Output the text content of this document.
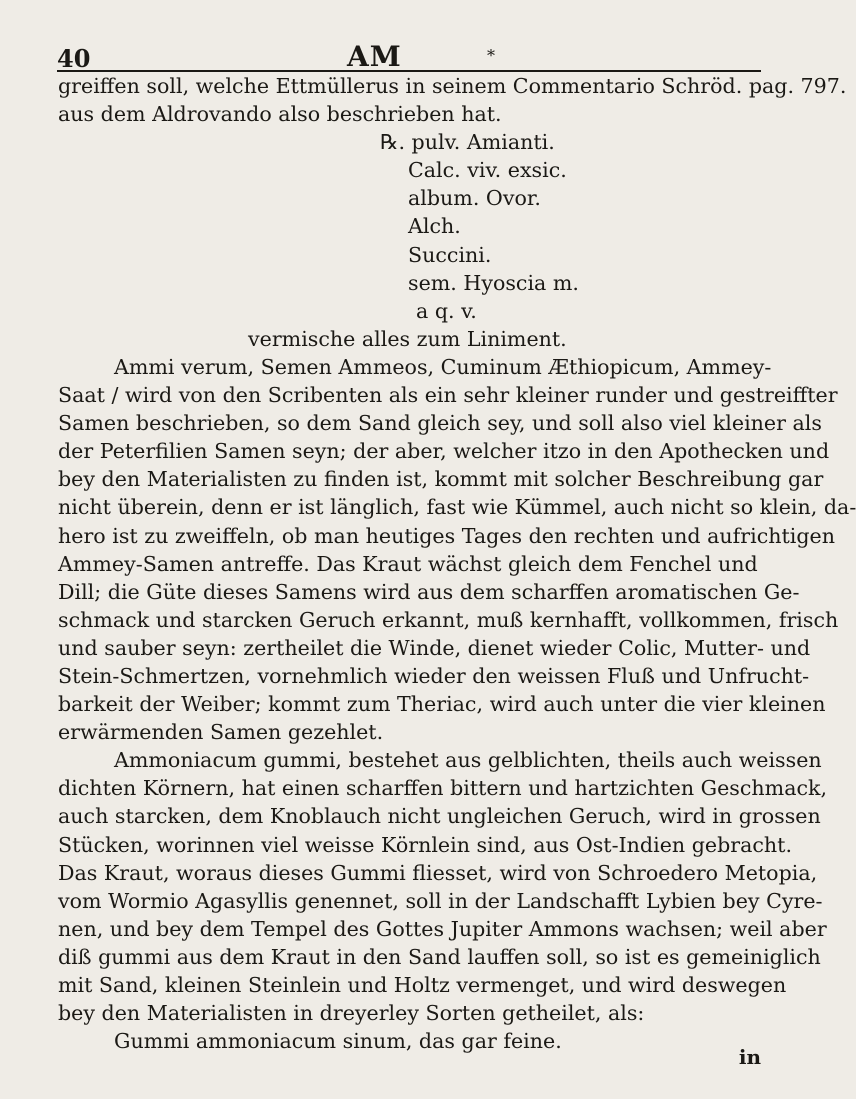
40	AM	*
greiffen soll, welche Ettmüllerus in seinem Commentario Schröd. pag. 797.
aus dem Aldrovando also beschrieben hat.
℞. pulv. Amianti.
Calc. viv. exsic.
album. Ovor.
Alch.
Succini.
sem. Hyoscia m.
a q. v.
vermische alles zum Liniment.
Ammi verum, Semen Ammeos, Cuminum Æthiopicum, Ammey-
Saat / wird von den Scribenten als ein sehr kleiner runder und gestreiffter
Samen beschrieben, so dem Sand gleich sey, und soll also viel kleiner als
der Peterfilien Samen seyn; der aber, welcher itzo in den Apothecken und
bey den Materialisten zu finden ist, kommt mit solcher Beschreibung gar
nicht überein, denn er ist länglich, fast wie Kümmel, auch nicht so klein, da-
hero ist zu zweiffeln, ob man heutiges Tages den rechten und aufrichtigen
Ammey-Samen antreffe. Das Kraut wächst gleich dem Fenchel und
Dill; die Güte dieses Samens wird aus dem scharffen aromatischen Ge-
schmack und starcken Geruch erkannt, muß kernhafft, vollkommen, frisch
und sauber seyn: zertheilet die Winde, dienet wieder Colic, Mutter- und
Stein-Schmertzen, vornehmlich wieder den weissen Fluß und Unfrucht-
barkeit der Weiber; kommt zum Theriac, wird auch unter die vier kleinen
erwärmenden Samen gezehlet.
Ammoniacum gummi, bestehet aus gelblichten, theils auch weissen
dichten Körnern, hat einen scharffen bittern und hartzichten Geschmack,
auch starcken, dem Knoblauch nicht ungleichen Geruch, wird in grossen
Stücken, worinnen viel weisse Körnlein sind, aus Ost-Indien gebracht.
Das Kraut, woraus dieses Gummi fliesset, wird von Schroedero Metopia,
vom Wormio Agasyllis genennet, soll in der Landschafft Lybien bey Cyre-
nen, und bey dem Tempel des Gottes Jupiter Ammons wachsen; weil aber
diß gummi aus dem Kraut in den Sand lauffen soll, so ist es gemeiniglich
mit Sand, kleinen Steinlein und Holtz vermenget, und wird deswegen
bey den Materialisten in dreyerley Sorten getheilet, als:
Gummi ammoniacum sinum, das gar feine.
in
